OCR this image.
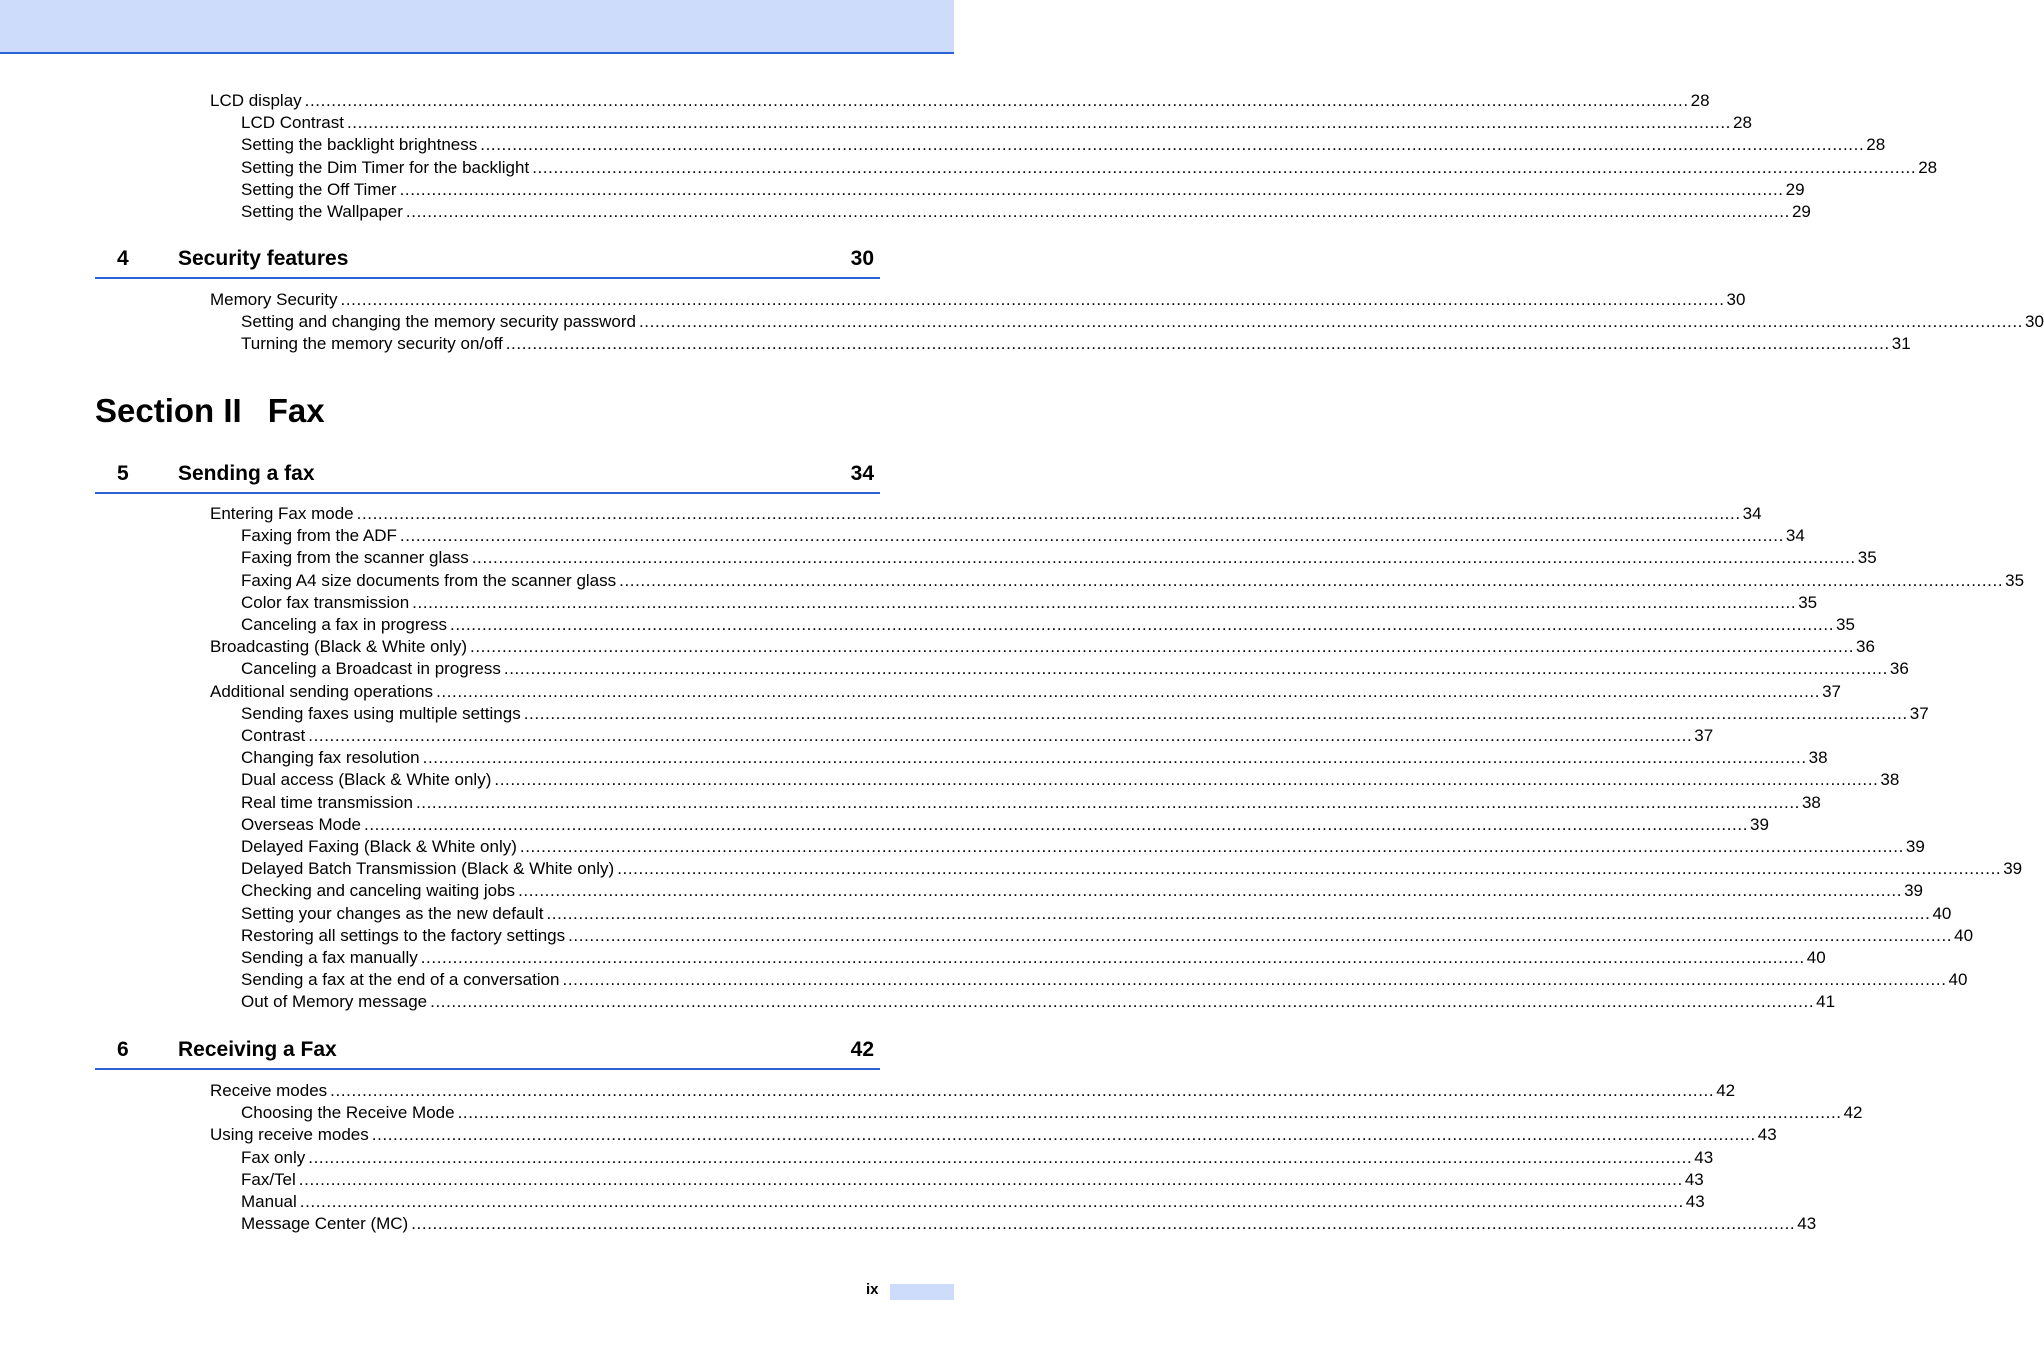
LCD display .................................................................................................................................................................................................................................................................... 28
LCD Contrast .................................................................................................................................................................................................................................................................... 28
Setting the backlight brightness .................................................................................................................................................................................................................................................................... 28
Setting the Dim Timer for the backlight .................................................................................................................................................................................................................................................................... 28
Setting the Off Timer .................................................................................................................................................................................................................................................................... 29
Setting the Wallpaper .................................................................................................................................................................................................................................................................... 29
4 Security features	30
Memory Security .................................................................................................................................................................................................................................................................... 30
Setting and changing the memory security password .................................................................................................................................................................................................................................................................... 30
Turning the memory security on/off .................................................................................................................................................................................................................................................................... 31
5 Sending a fax	34
Entering Fax mode .................................................................................................................................................................................................................................................................... 34
Faxing from the ADF .................................................................................................................................................................................................................................................................... 34
Faxing from the scanner glass .................................................................................................................................................................................................................................................................... 35
Faxing A4 size documents from the scanner glass .................................................................................................................................................................................................................................................................... 35
Color fax transmission .................................................................................................................................................................................................................................................................... 35
Canceling a fax in progress .................................................................................................................................................................................................................................................................... 35
Broadcasting (Black & White only) .................................................................................................................................................................................................................................................................... 36
Canceling a Broadcast in progress .................................................................................................................................................................................................................................................................... 36
Additional sending operations .................................................................................................................................................................................................................................................................... 37
Sending faxes using multiple settings .................................................................................................................................................................................................................................................................... 37
Contrast .................................................................................................................................................................................................................................................................... 37
Changing fax resolution .................................................................................................................................................................................................................................................................... 38
Dual access (Black & White only) .................................................................................................................................................................................................................................................................... 38
Real time transmission .................................................................................................................................................................................................................................................................... 38
Overseas Mode .................................................................................................................................................................................................................................................................... 39
Delayed Faxing (Black & White only) .................................................................................................................................................................................................................................................................... 39
Delayed Batch Transmission (Black & White only) .................................................................................................................................................................................................................................................................... 39
Checking and canceling waiting jobs .................................................................................................................................................................................................................................................................... 39
Setting your changes as the new default .................................................................................................................................................................................................................................................................... 40
Restoring all settings to the factory settings .................................................................................................................................................................................................................................................................... 40
Sending a fax manually .................................................................................................................................................................................................................................................................... 40
Sending a fax at the end of a conversation .................................................................................................................................................................................................................................................................... 40
Out of Memory message .................................................................................................................................................................................................................................................................... 41
6 Receiving a Fax	42
Receive modes .................................................................................................................................................................................................................................................................... 42
Choosing the Receive Mode .................................................................................................................................................................................................................................................................... 42
Using receive modes .................................................................................................................................................................................................................................................................... 43
Fax only .................................................................................................................................................................................................................................................................... 43
Fax/Tel .................................................................................................................................................................................................................................................................... 43
Manual .................................................................................................................................................................................................................................................................... 43
Message Center (MC) .................................................................................................................................................................................................................................................................... 43
Section II Fax
ix
